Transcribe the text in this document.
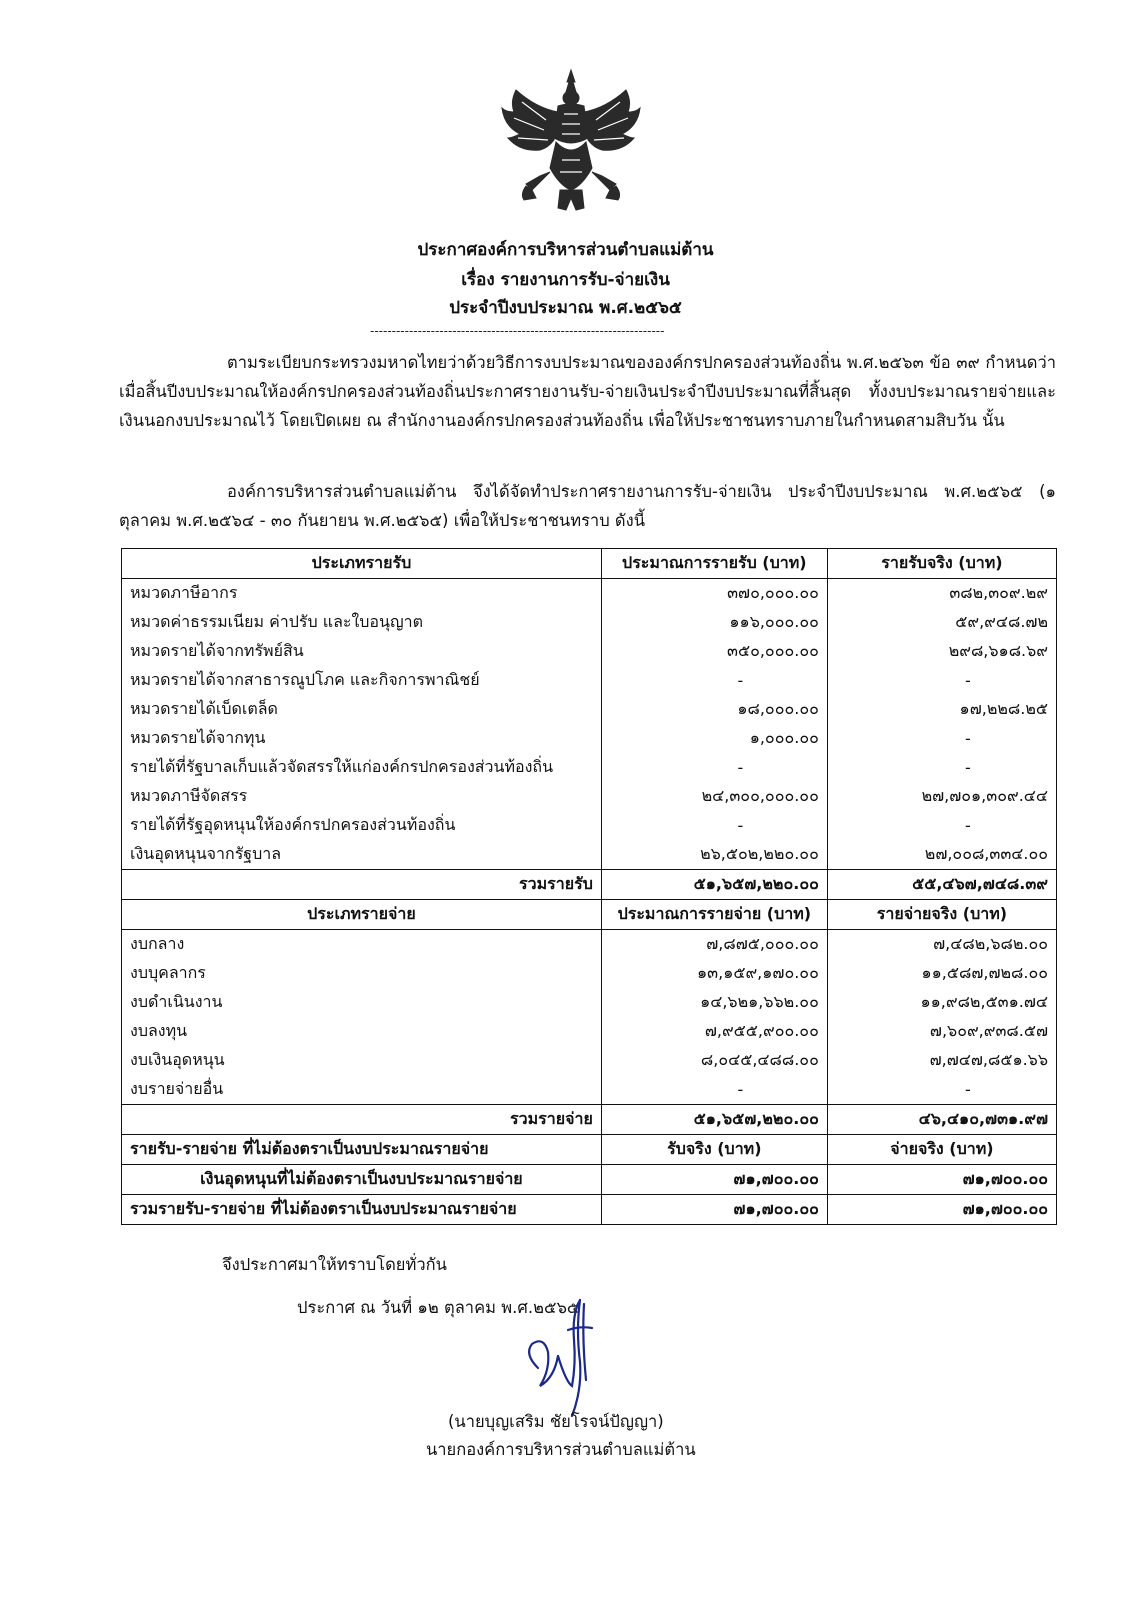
ประกาศองค์การบริหารส่วนตำบลแม่ต้าน
เรื่อง รายงานการรับ-จ่ายเงิน
ประจำปีงบประมาณ พ.ศ.๒๕๖๕
--------------------------------------------------------------------
ตามระเบียบกระทรวงมหาดไทยว่าด้วยวิธีการงบประมาณขององค์กรปกครองส่วนท้องถิ่น พ.ศ.๒๕๖๓ ข้อ ๓๙ กำหนดว่า เมื่อสิ้นปีงบประมาณให้องค์กรปกครองส่วนท้องถิ่นประกาศรายงานรับ-จ่ายเงินประจำปีงบประมาณที่สิ้นสุด ทั้งงบประมาณรายจ่ายและเงินนอกงบประมาณไว้ โดยเปิดเผย ณ สำนักงานองค์กรปกครองส่วนท้องถิ่น เพื่อให้ประชาชนทราบภายในกำหนดสามสิบวัน นั้น
องค์การบริหารส่วนตำบลแม่ต้าน จึงได้จัดทำประกาศรายงานการรับ-จ่ายเงิน ประจำปีงบประมาณ พ.ศ.๒๕๖๕ (๑ ตุลาคม พ.ศ.๒๕๖๔ - ๓๐ กันยายน พ.ศ.๒๕๖๕) เพื่อให้ประชาชนทราบ ดังนี้
ประเภทรายรับ	ประมาณการรายรับ (บาท)	รายรับจริง (บาท)
หมวดภาษีอากร	๓๗๐,๐๐๐.๐๐	๓๘๒,๓๐๙.๒๙
หมวดค่าธรรมเนียม ค่าปรับ และใบอนุญาต	๑๑๖,๐๐๐.๐๐	๕๙,๙๔๘.๗๒
หมวดรายได้จากทรัพย์สิน	๓๕๐,๐๐๐.๐๐	๒๙๘,๖๑๘.๖๙
หมวดรายได้จากสาธารณูปโภค และกิจการพาณิชย์	-	-
หมวดรายได้เบ็ดเตล็ด	๑๘,๐๐๐.๐๐	๑๗,๒๒๘.๒๕
หมวดรายได้จากทุน	๑,๐๐๐.๐๐	-
รายได้ที่รัฐบาลเก็บแล้วจัดสรรให้แก่องค์กรปกครองส่วนท้องถิ่น	-	-
หมวดภาษีจัดสรร	๒๔,๓๐๐,๐๐๐.๐๐	๒๗,๗๐๑,๓๐๙.๔๔
รายได้ที่รัฐอุดหนุนให้องค์กรปกครองส่วนท้องถิ่น	-	-
เงินอุดหนุนจากรัฐบาล	๒๖,๕๐๒,๒๒๐.๐๐	๒๗,๐๐๘,๓๓๔.๐๐
รวมรายรับ	๕๑,๖๕๗,๒๒๐.๐๐	๕๕,๔๖๗,๗๔๘.๓๙
ประเภทรายจ่าย	ประมาณการรายจ่าย (บาท)	รายจ่ายจริง (บาท)
งบกลาง	๗,๘๗๕,๐๐๐.๐๐	๗,๔๘๒,๖๘๒.๐๐
งบบุคลากร	๑๓,๑๕๙,๑๗๐.๐๐	๑๑,๕๘๗,๗๒๘.๐๐
งบดำเนินงาน	๑๔,๖๒๑,๖๖๒.๐๐	๑๑,๙๘๒,๕๓๑.๗๔
งบลงทุน	๗,๙๕๕,๙๐๐.๐๐	๗,๖๐๙,๙๓๘.๕๗
งบเงินอุดหนุน	๘,๐๔๕,๔๘๘.๐๐	๗,๗๔๗,๘๕๑.๖๖
งบรายจ่ายอื่น	-	-
รวมรายจ่าย	๕๑,๖๕๗,๒๒๐.๐๐	๔๖,๔๑๐,๗๓๑.๙๗
รายรับ-รายจ่าย ที่ไม่ต้องตราเป็นงบประมาณรายจ่าย	รับจริง (บาท)	จ่ายจริง (บาท)
เงินอุดหนุนที่ไม่ต้องตราเป็นงบประมาณรายจ่าย	๗๑,๗๐๐.๐๐	๗๑,๗๐๐.๐๐
รวมรายรับ-รายจ่าย ที่ไม่ต้องตราเป็นงบประมาณรายจ่าย	๗๑,๗๐๐.๐๐	๗๑,๗๐๐.๐๐
จึงประกาศมาให้ทราบโดยทั่วกัน
ประกาศ ณ วันที่ ๑๒ ตุลาคม พ.ศ.๒๕๖๕
(นายบุญเสริม ชัยโรจน์ปัญญา)
นายกองค์การบริหารส่วนตำบลแม่ต้าน
